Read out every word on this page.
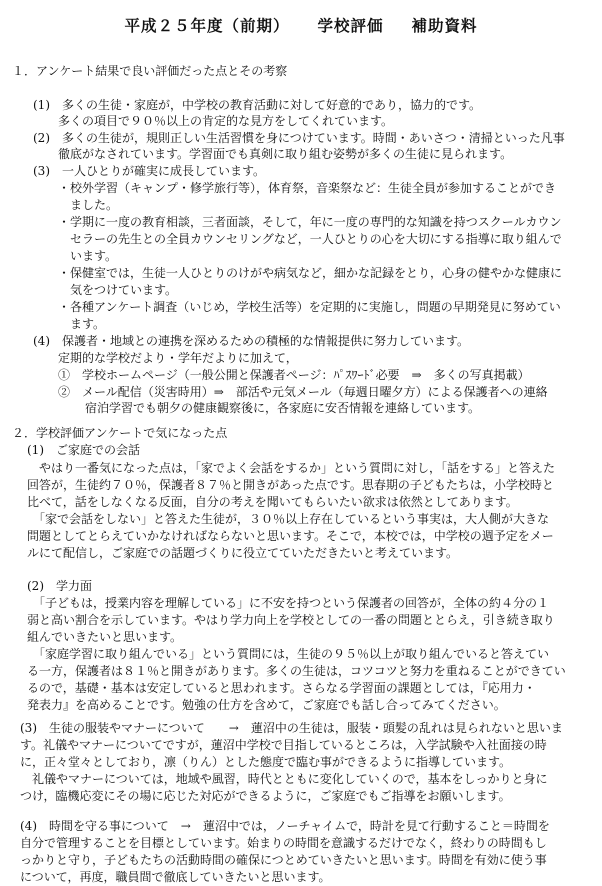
平成２５年度（前期） 学校評価 補助資料
１．アンケート結果で良い評価だった点とその考察
(1)　多くの生徒・家庭が，中学校の教育活動に対して好意的であり，協力的です。
多くの項目で９０％以上の肯定的な見方をしてくれています。
(2)　多くの生徒が，規則正しい生活習慣を身につけています。時間・あいさつ・清掃といった凡事
徹底がなされています。学習面でも真剣に取り組む姿勢が多くの生徒に見られます。
(3)　一人ひとりが確実に成長しています。
・校外学習（キャンプ・修学旅行等），体育祭，音楽祭など：生徒全員が参加することができ
ました。
・学期に一度の教育相談，三者面談，そして，年に一度の専門的な知識を持つスクールカウン
セラーの先生との全員カウンセリングなど，一人ひとりの心を大切にする指導に取り組んで
います。
・保健室では，生徒一人ひとりのけがや病気など，細かな記録をとり，心身の健やかな健康に
気をつけています。
・各種アンケート調査（いじめ，学校生活等）を定期的に実施し，問題の早期発見に努めてい
ます。
(4)　保護者・地域との連携を深めるための積極的な情報提供に努力しています。
定期的な学校だより・学年だよりに加えて，
①　学校ホームページ（一般公開と保護者ページ：ﾊﾟｽﾜｰﾄﾞ必要　⇒　多くの写真掲載）
②　メール配信（災害時用）⇒　部活や元気メール（毎週日曜夕方）による保護者への連絡
宿泊学習でも朝夕の健康観察後に，各家庭に安否情報を連絡しています。
２．学校評価アンケートで気になった点
(1)　ご家庭での会話
　やはり一番気になった点は，「家でよく会話をするか」という質問に対し，「話をする」と答えた
回答が，生徒约７０％，保護者８７％と開きがあった点です。思春期の子どもたちは，小学校時と
比べて，話をしなくなる反面，自分の考えを聞いてもらいたい欲求は依然としてあります。
　「家で会話をしない」と答えた生徒が，３０％以上存在しているという事実は，大人側が大きな
問題としてとらえていかなければならないと思います。そこで，本校では，中学校の週予定をメー
ルにて配信し，ご家庭での話題づくりに役立てていただきたいと考えています。
(2)　学力面
　「子どもは，授業内容を理解している」に不安を持つという保護者の回答が，全体の約４分の１
弱と高い割合を示しています。やはり学力向上を学校としての一番の問題ととらえ，引き続き取り
組んでいきたいと思います。
　「家庭学習に取り組んでいる」という質問には，生徒の９５％以上が取り組んでいると答えてい
る一方，保護者は８１％と開きがあります。多くの生徒は，コツコツと努力を重ねることができてい
るので，基礎・基本は安定していると思われます。さらなる学習面の課題としては，『応用力・
発表力』を高めることです。勉強の仕方を含めて，ご家庭でも話し合ってみてください。
(3)　生徒の服装やマナーについて　　→　蓮沼中の生徒は，服装・頭髪の乱れは見られないと思いま
す。礼儀やマナーについてですが，蓮沼中学校で目指しているところは，入学試験や入社面接の時
に，正々堂々としており，凛（りん）とした態度で臨む事ができるように指導しています。
　礼儀やマナーについては，地域や風習，時代とともに変化していくので，基本をしっかりと身に
つけ，臨機応変にその場に応じた対応ができるように，ご家庭でもご指導をお願いします。
(4)　時間を守る事について　→　蓮沼中では，ノーチャイムで，時計を見て行動すること＝時間を
自分で管理することを目標としています。始まりの時間を意識するだけでなく，終わりの時間もし
っかりと守り，子どもたちの活動時間の確保につとめていきたいと思います。時間を有効に使う事
について，再度，職員間で徹底していきたいと思います。
